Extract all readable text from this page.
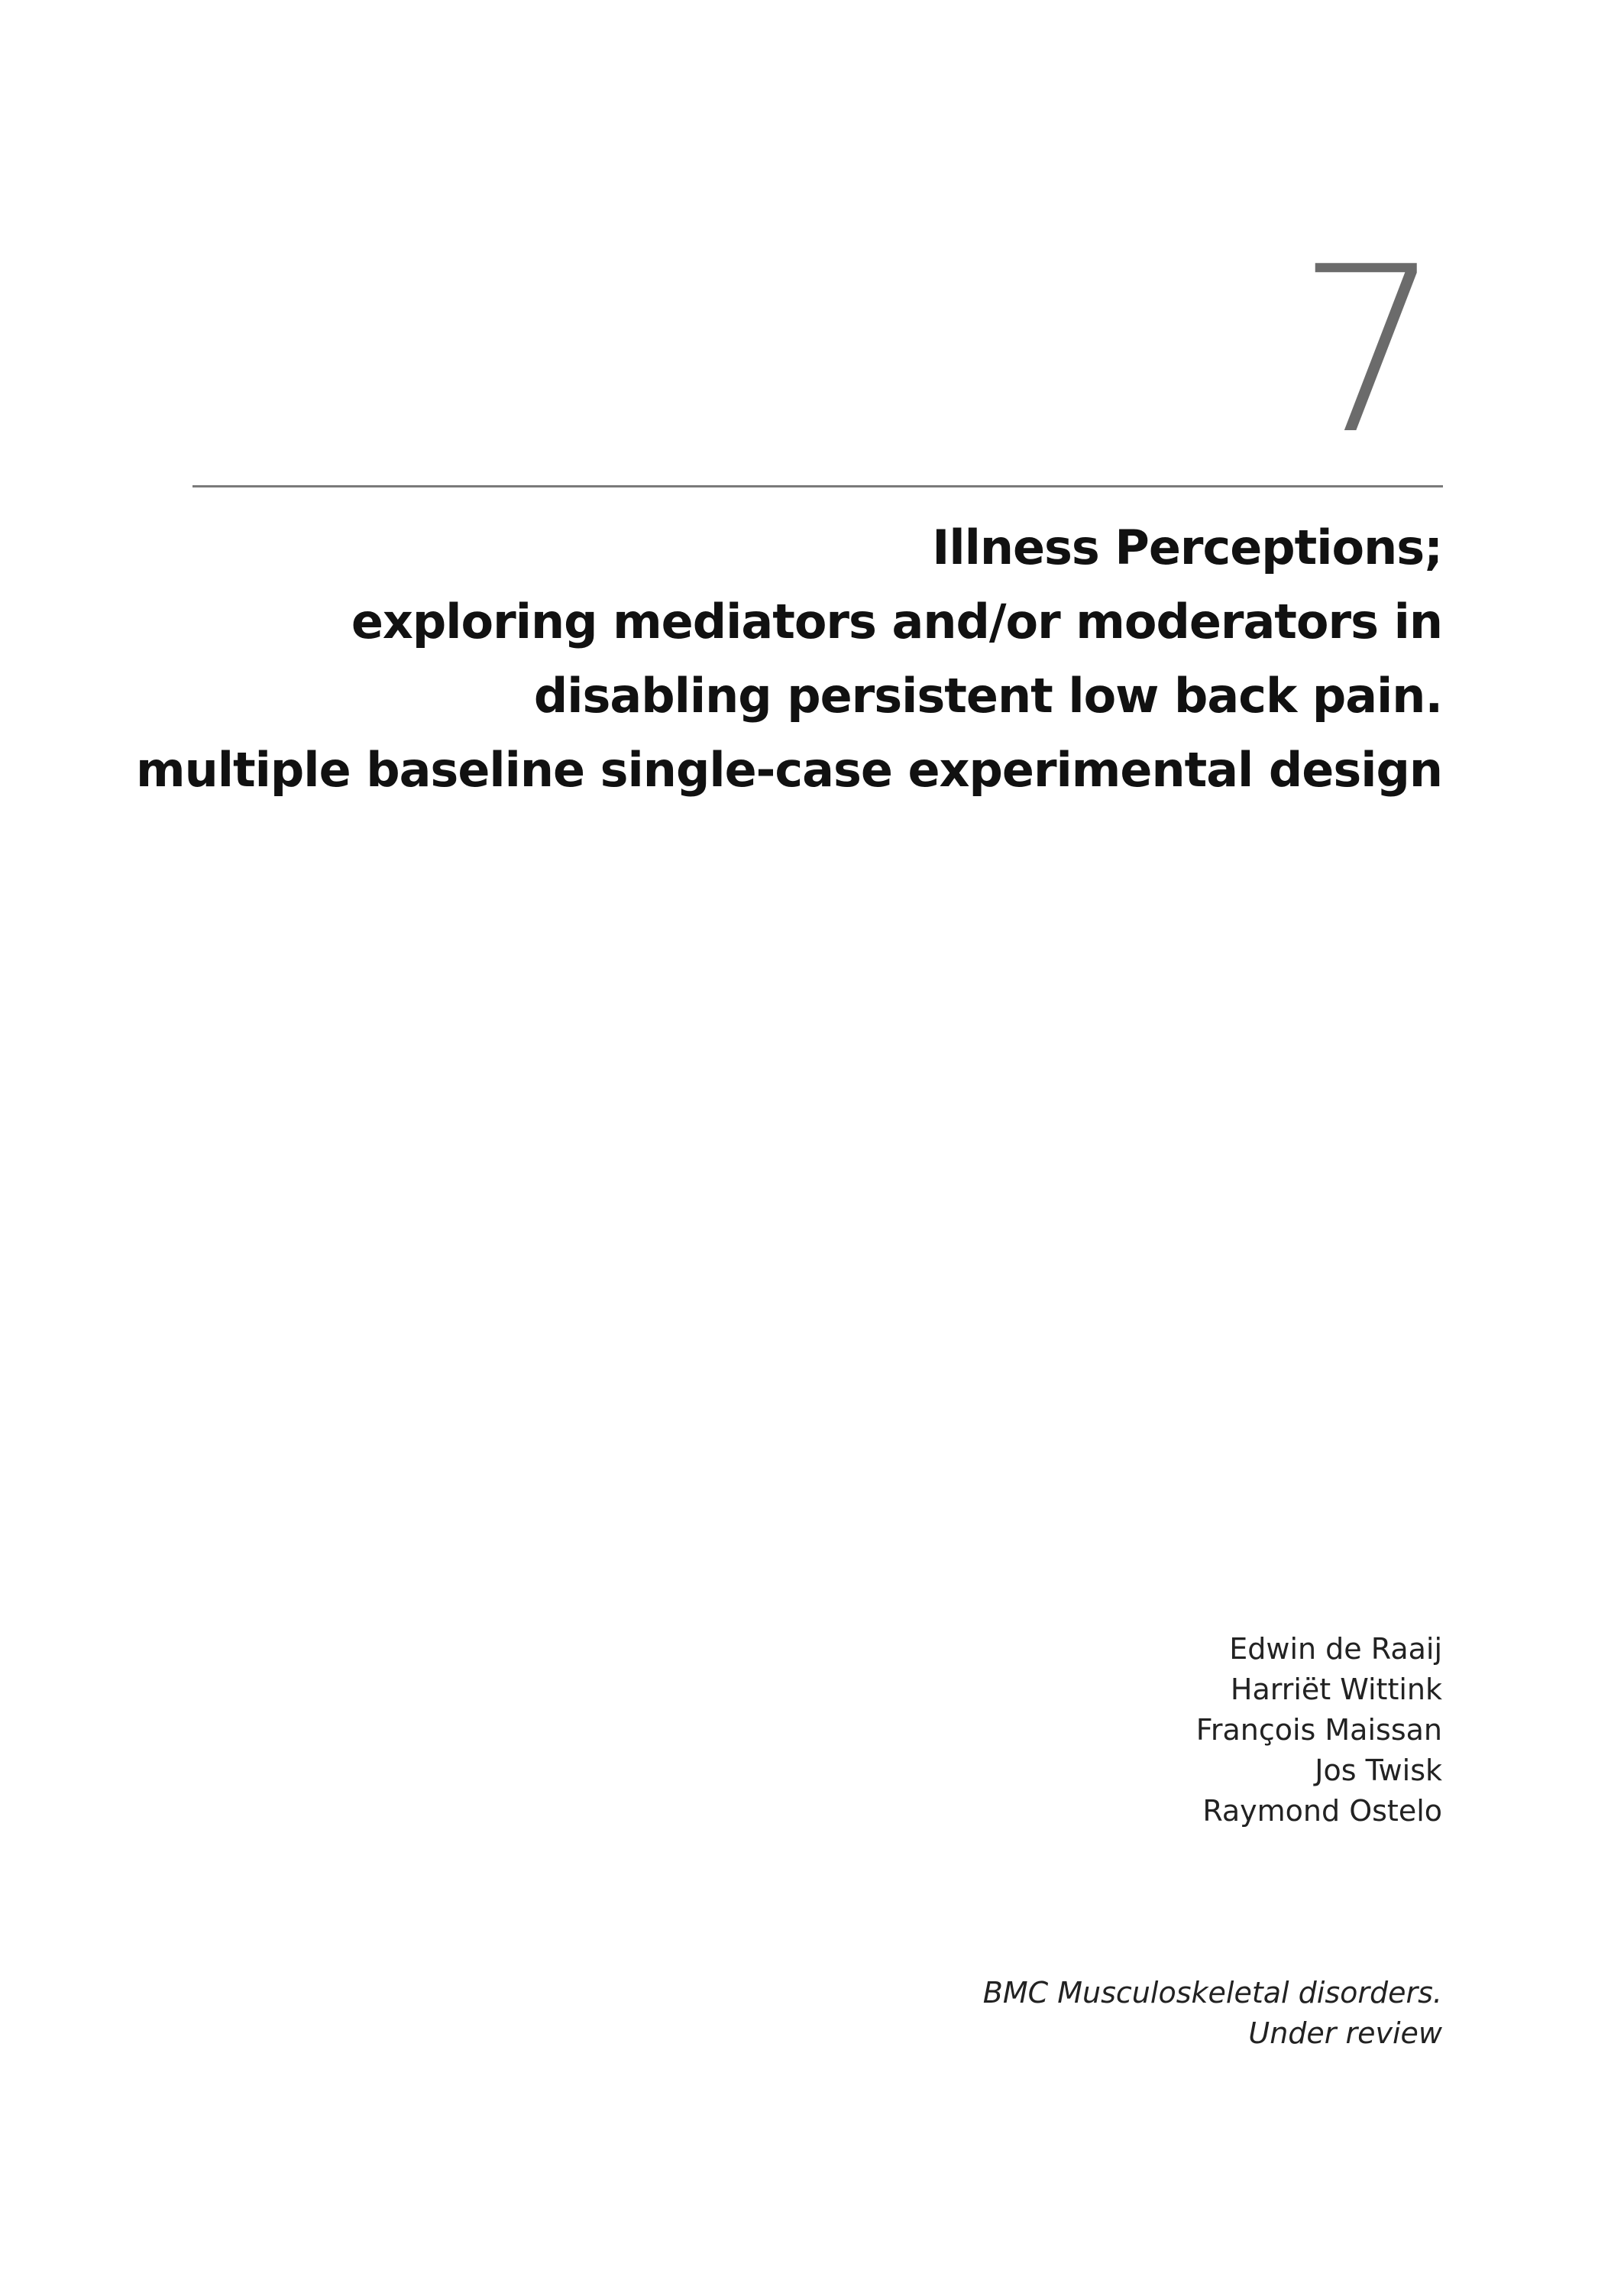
7
Illness Perceptions;
exploring mediators and/or moderators in
disabling persistent low back pain.
multiple baseline single-case experimental design
Edwin de Raaij
Harriët Wittink
François Maissan
Jos Twisk
Raymond Ostelo
BMC Musculoskeletal disorders.
Under review
